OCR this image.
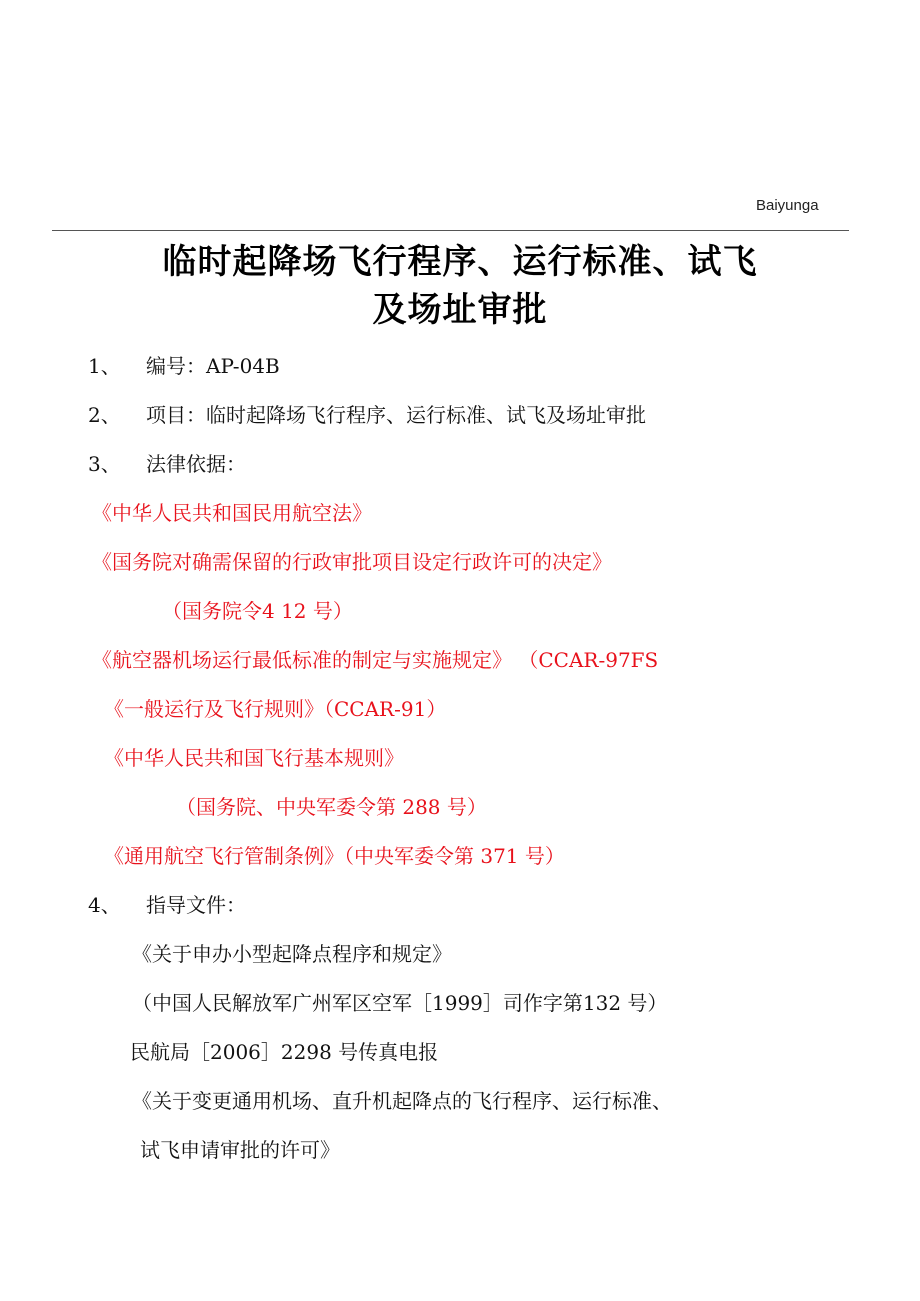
Baiyunga
临时起降场飞行程序、运行标准、试飞
及场址审批
1、 编号：AP-04B
2、 项目：临时起降场飞行程序、运行标准、试飞及场址审批
3、 法律依据：
《中华人民共和国民用航空法》
《国务院对确需保留的行政审批项目设定行政许可的决定》
（国务院令4 12 号）
《航空器机场运行最低标准的制定与实施规定》 （CCAR-97FS
《一般运行及飞行规则》（CCAR-91）
《中华人民共和国飞行基本规则》
（国务院、中央军委令第 288 号）
《通用航空飞行管制条例》（中央军委令第 371 号）
4、 指导文件：
《关于申办小型起降点程序和规定》
（中国人民解放军广州军区空军［1999］司作字第132 号）
民航局［2006］2298 号传真电报
《关于变更通用机场、直升机起降点的飞行程序、运行标准、
试飞申请审批的许可》
